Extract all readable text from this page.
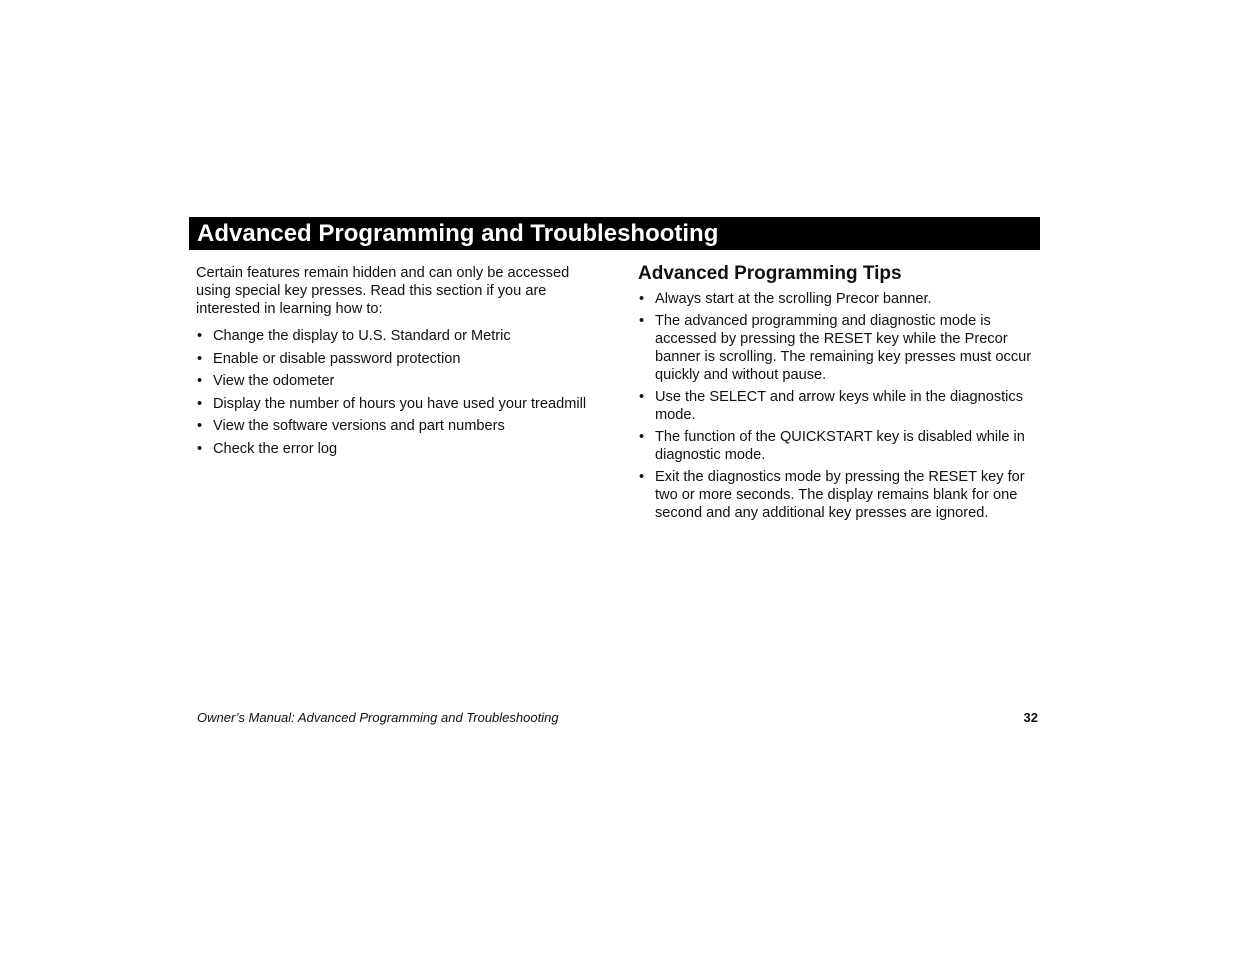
Advanced Programming and Troubleshooting

Certain features remain hidden and can only be accessed using special key presses. Read this section if you are interested in learning how to:

• Change the display to U.S. Standard or Metric
• Enable or disable password protection
• View the odometer
• Display the number of hours you have used your treadmill
• View the software versions and part numbers
• Check the error log
Advanced Programming Tips
• Always start at the scrolling Precor banner.
• The advanced programming and diagnostic mode is accessed by pressing the RESET key while the Precor banner is scrolling. The remaining key presses must occur quickly and without pause.
• Use the SELECT and arrow keys while in the diagnostics mode.
• The function of the QUICKSTART key is disabled while in diagnostic mode.
• Exit the diagnostics mode by pressing the RESET key for two or more seconds. The display remains blank for one second and any additional key presses are ignored.
Owner’s Manual: Advanced Programming and Troubleshooting	32
